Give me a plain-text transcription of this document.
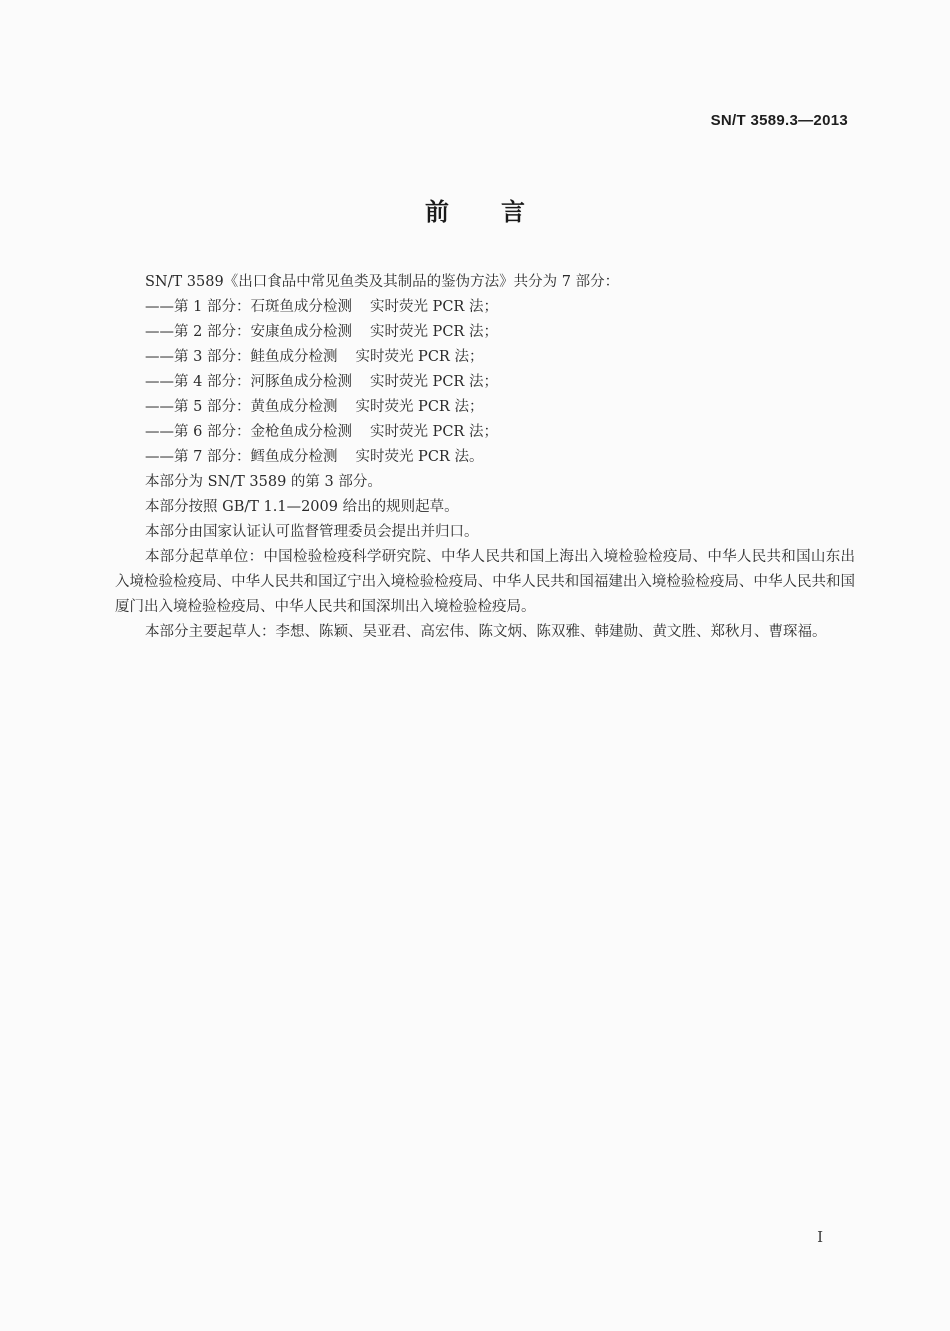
SN/T 3589.3—2013
前言

SN/T 3589《出口食品中常见鱼类及其制品的鉴伪方法》共分为 7 部分：

——第 1 部分：石斑鱼成分检测 实时荧光 PCR 法；
——第 2 部分：安康鱼成分检测 实时荧光 PCR 法；
——第 3 部分：鲑鱼成分检测 实时荧光 PCR 法；
——第 4 部分：河豚鱼成分检测 实时荧光 PCR 法；
——第 5 部分：黄鱼成分检测 实时荧光 PCR 法；
——第 6 部分：金枪鱼成分检测 实时荧光 PCR 法；
——第 7 部分：鳕鱼成分检测 实时荧光 PCR 法。

本部分为 SN/T 3589 的第 3 部分。

本部分按照 GB/T 1.1—2009 给出的规则起草。

本部分由国家认证认可监督管理委员会提出并归口。

本部分起草单位：中国检验检疫科学研究院、中华人民共和国上海出入境检验检疫局、中华人民共和国山东出入境检验检疫局、中华人民共和国辽宁出入境检验检疫局、中华人民共和国福建出入境检验检疫局、中华人民共和国厦门出入境检验检疫局、中华人民共和国深圳出入境检验检疫局。

本部分主要起草人：李想、陈颖、吴亚君、高宏伟、陈文炳、陈双雅、韩建勋、黄文胜、郑秋月、曹琛福。

I
